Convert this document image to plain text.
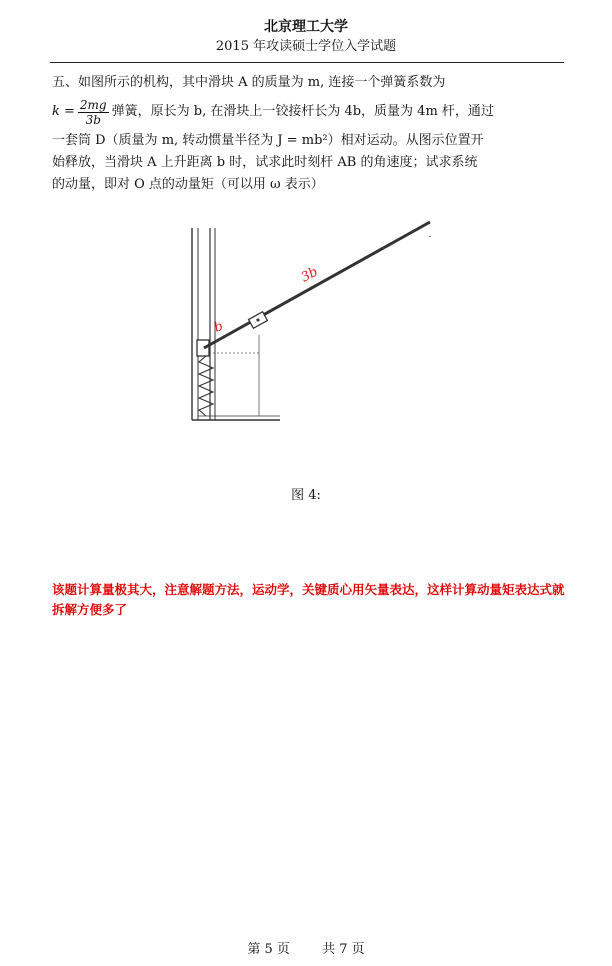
北京理工大学
2015 年攻读硕士学位入学试题
五、如图所示的机构，其中滑块 A 的质量为 m, 连接一个弹簧系数为
$k = \frac{2mg}{3b}$ 弹簧，原长为 b, 在滑块上一铰接杆长为 4b，质量为 4m 杆，通过
一套筒 D（质量为 m, 转动惯量半径为 J = mb²）相对运动。从图示位置开
始释放，当滑块 A 上升距离 b 时，试求此时刻杆 AB 的角速度；试求系统
的动量，即对 O 点的动量矩（可以用 ω 表示）
b
3b
图 4:
该题计算量极其大，注意解题方法，运动学，关键质心用矢量表达，这样计算动量矩表达式就拆解方便多了
第 5 页 共 7 页
